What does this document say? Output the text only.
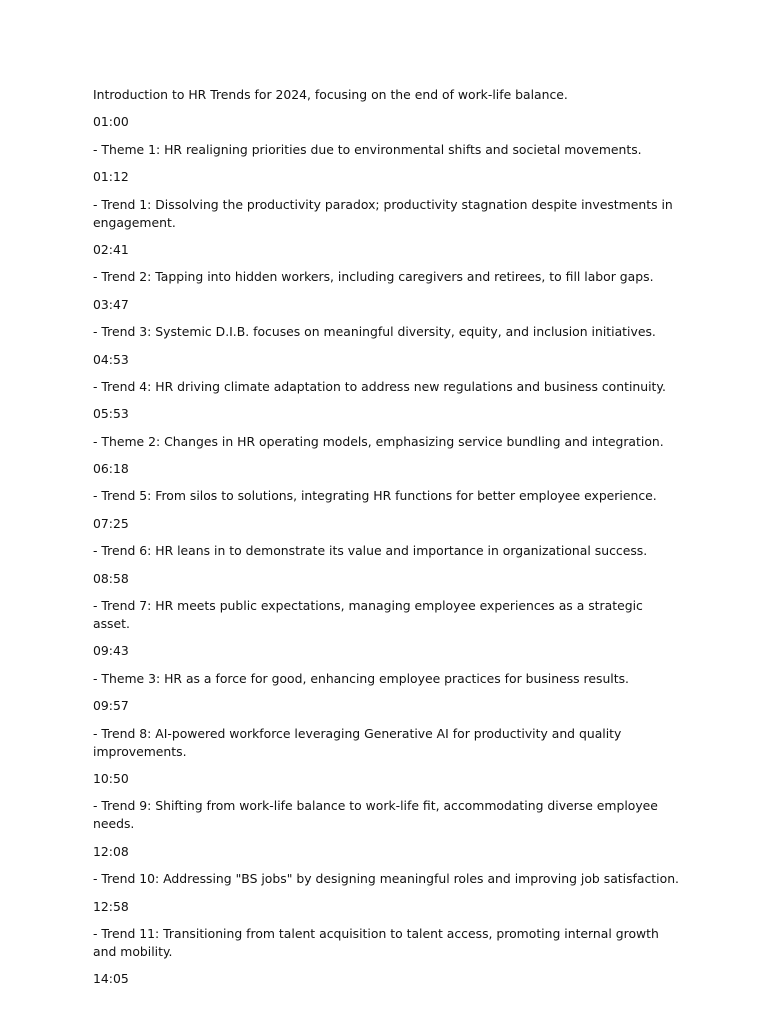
Introduction to HR Trends for 2024, focusing on the end of work-life balance.

01:00

- Theme 1: HR realigning priorities due to environmental shifts and societal movements.

01:12

- Trend 1: Dissolving the productivity paradox; productivity stagnation despite investments in engagement.

02:41

- Trend 2: Tapping into hidden workers, including caregivers and retirees, to fill labor gaps.

03:47

- Trend 3: Systemic D.I.B. focuses on meaningful diversity, equity, and inclusion initiatives.

04:53

- Trend 4: HR driving climate adaptation to address new regulations and business continuity.

05:53

- Theme 2: Changes in HR operating models, emphasizing service bundling and integration.

06:18

- Trend 5: From silos to solutions, integrating HR functions for better employee experience.

07:25

- Trend 6: HR leans in to demonstrate its value and importance in organizational success.

08:58

- Trend 7: HR meets public expectations, managing employee experiences as a strategic asset.

09:43

- Theme 3: HR as a force for good, enhancing employee practices for business results.

09:57

- Trend 8: AI-powered workforce leveraging Generative AI for productivity and quality improvements.

10:50

- Trend 9: Shifting from work-life balance to work-life fit, accommodating diverse employee needs.

12:08

- Trend 10: Addressing "BS jobs" by designing meaningful roles and improving job satisfaction.

12:58

- Trend 11: Transitioning from talent acquisition to talent access, promoting internal growth and mobility.

14:05
